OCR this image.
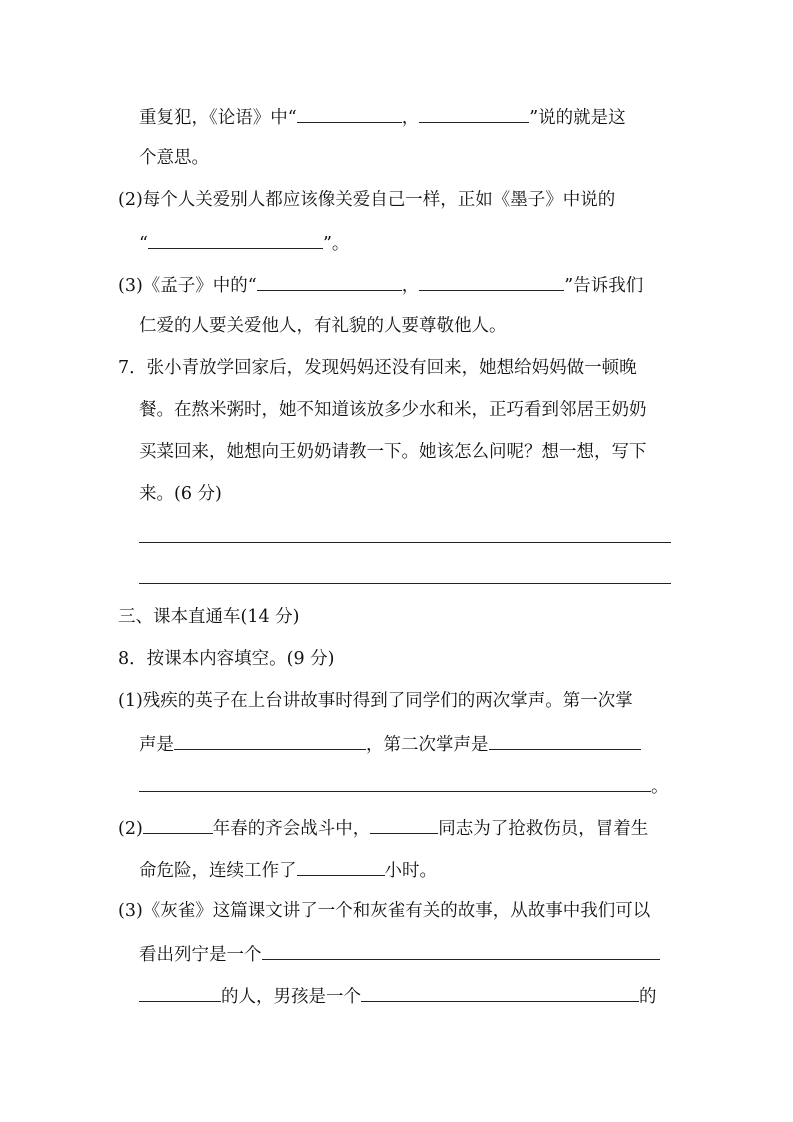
重复犯，《论语》中“	，	”说的就是这
个意思。
(2)每个人关爱别人都应该像关爱自己一样，正如《墨子》中说的
“	”。
(3)《孟子》中的“	，	”告诉我们
仁爱的人要关爱他人，有礼貌的人要尊敬他人。
7．张小青放学回家后，发现妈妈还没有回来，她想给妈妈做一顿晚
餐。在熬米粥时，她不知道该放多少水和米，正巧看到邻居王奶奶
买菜回来，她想向王奶奶请教一下。她该怎么问呢？想一想，写下
来。(6 分)
三、课本直通车(14 分)
8．按课本内容填空。(9 分)
(1)残疾的英子在上台讲故事时得到了同学们的两次掌声。第一次掌
声是	，第二次掌声是
。
(2)	年春的齐会战斗中，	同志为了抢救伤员，冒着生
命危险，连续工作了	小时。
(3)《灰雀》这篇课文讲了一个和灰雀有关的故事，从故事中我们可以
看出列宁是一个
的人，男孩是一个	的
